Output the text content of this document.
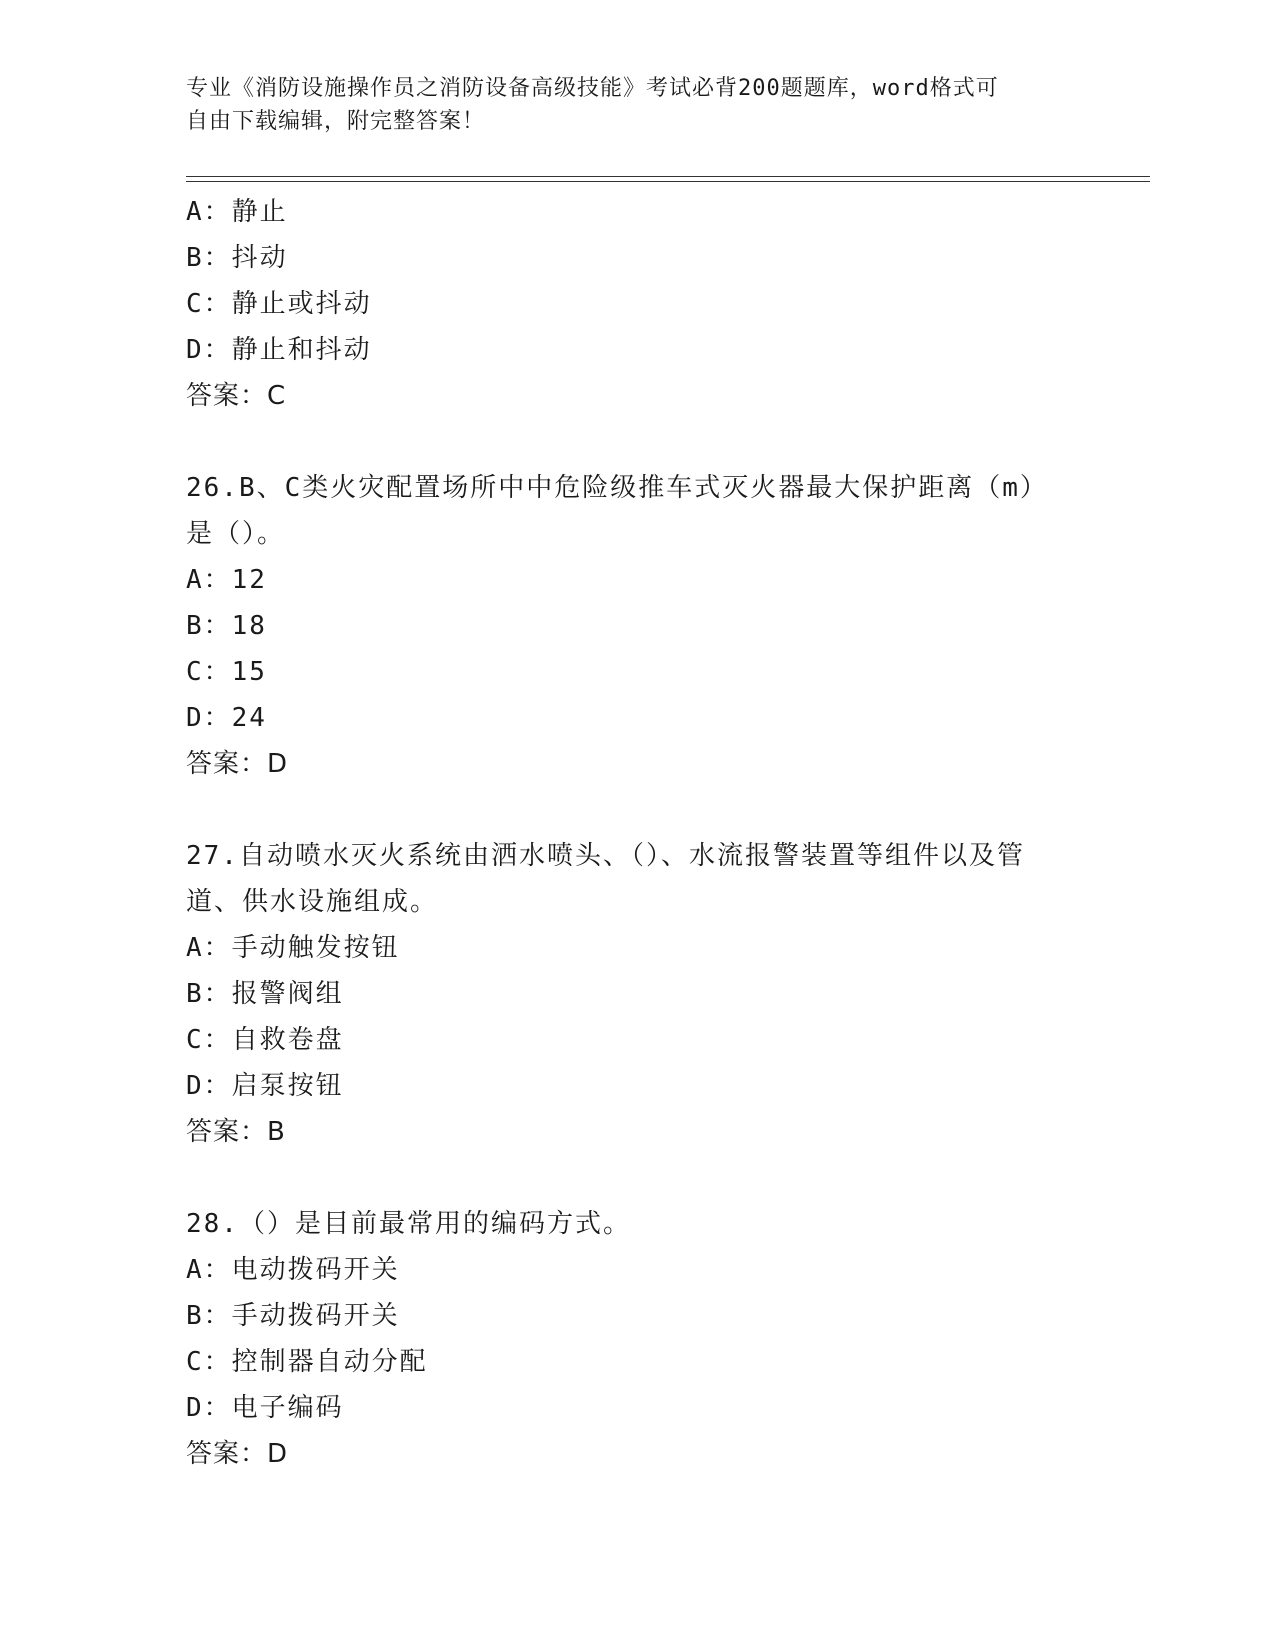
专业《消防设施操作员之消防设备高级技能》考试必背200题题库，word格式可
自由下载编辑，附完整答案！
A：静止
B：抖动
C：静止或抖动
D：静止和抖动
答案：C
26.B、C类火灾配置场所中中危险级推车式灭火器最大保护距离（m）
是（）。
A：12
B：18
C：15
D：24
答案：D
27.自动喷水灭火系统由洒水喷头、（）、水流报警装置等组件以及管
道、供水设施组成。
A：手动触发按钮
B：报警阀组
C：自救卷盘
D：启泵按钮
答案：B
28.（）是目前最常用的编码方式。
A：电动拨码开关
B：手动拨码开关
C：控制器自动分配
D：电子编码
答案：D
